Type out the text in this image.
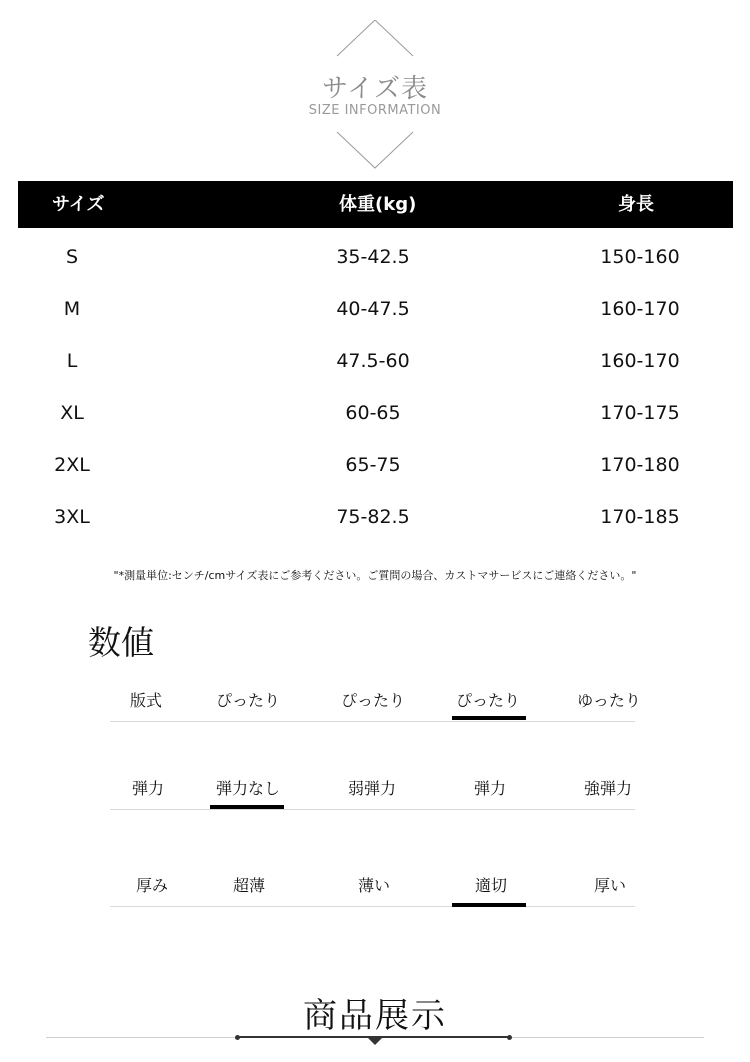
サイズ表
SIZE INFORMATION
サイズ	体重(kg)	身長
S	35-42.5	150-160
M	40-47.5	160-170
L	47.5-60	160-170
XL	60-65	170-175
2XL	65-75	170-180
3XL	75-82.5	170-185
"*測量単位:センチ/cmサイズ表にご参考ください。ご質問の場合、カストマサービスにご連絡ください。"
数値
版式	ぴったり	ぴったり	ぴったり	ゆったり
弾力	弾力なし	弱弾力	弾力	強弾力
厚み	超薄	薄い	適切	厚い
商品展示
